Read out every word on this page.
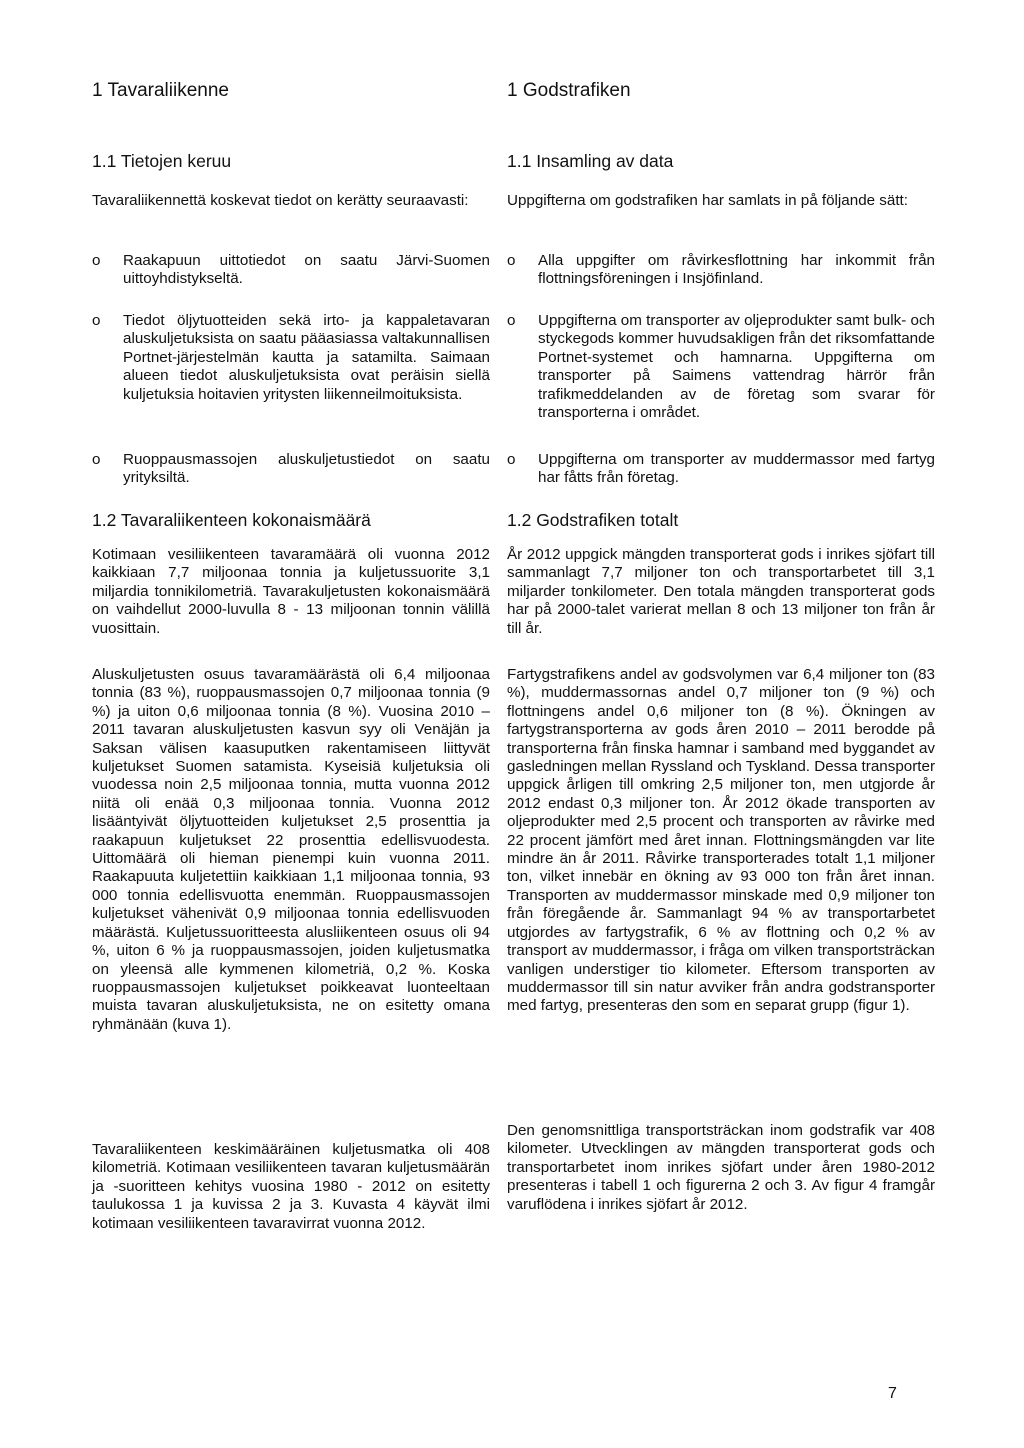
1 Tavaraliikenne
1.1 Tietojen keruu

Tavaraliikennettä koskevat tiedot on kerätty seuraavasti:

o Raakapuun uittotiedot on saatu Järvi-Suomen uittoyhdistykseltä.

o Tiedot öljytuotteiden sekä irto- ja kappaletavaran aluskuljetuksista on saatu pääasiassa valtakunnallisen Portnet-järjestelmän kautta ja satamilta. Saimaan alueen tiedot aluskuljetuksista ovat peräisin siellä kuljetuksia hoitavien yritysten liikenneilmoituksista.

o Ruoppausmassojen aluskuljetustiedot on saatu yrityksiltä.

1.2 Tavaraliikenteen kokonaismäärä

Kotimaan vesiliikenteen tavaramäärä oli vuonna 2012 kaikkiaan 7,7 miljoonaa tonnia ja kuljetussuorite 3,1 miljardia tonnikilometriä. Tavarakuljetusten kokonaismäärä on vaihdellut 2000-luvulla 8 - 13 miljoonan tonnin välillä vuosittain.

Aluskuljetusten osuus tavaramäärästä oli 6,4 miljoonaa tonnia (83 %), ruoppausmassojen 0,7 miljoonaa tonnia (9 %) ja uiton 0,6 miljoonaa tonnia (8 %). Vuosina 2010 – 2011 tavaran aluskuljetusten kasvun syy oli Venäjän ja Saksan välisen kaasuputken rakentamiseen liittyvät kuljetukset Suomen satamista. Kyseisiä kuljetuksia oli vuodessa noin 2,5 miljoonaa tonnia, mutta vuonna 2012 niitä oli enää 0,3 miljoonaa tonnia. Vuonna 2012 lisääntyivät öljytuotteiden kuljetukset 2,5 prosenttia ja raakapuun kuljetukset 22 prosenttia edellisvuodesta. Uittomäärä oli hieman pienempi kuin vuonna 2011. Raakapuuta kuljetettiin kaikkiaan 1,1 miljoonaa tonnia, 93 000 tonnia edellisvuotta enemmän. Ruoppausmassojen kuljetukset vähenivät 0,9 miljoonaa tonnia edellisvuoden määrästä. Kuljetussuoritteesta alusliikenteen osuus oli 94 %, uiton 6 % ja ruoppausmassojen, joiden kuljetusmatka on yleensä alle kymmenen kilometriä, 0,2 %. Koska ruoppausmassojen kuljetukset poikkeavat luonteeltaan muista tavaran aluskuljetuksista, ne on esitetty omana ryhmänään (kuva 1).

Tavaraliikenteen keskimääräinen kuljetusmatka oli 408 kilometriä. Kotimaan vesiliikenteen tavaran kuljetusmäärän ja -suoritteen kehitys vuosina 1980 - 2012 on esitetty taulukossa 1 ja kuvissa 2 ja 3. Kuvasta 4 käyvät ilmi kotimaan vesiliikenteen tavaravirrat vuonna 2012.

1 Godstrafiken
1.1 Insamling av data

Uppgifterna om godstrafiken har samlats in på följande sätt:

o Alla uppgifter om råvirkesflottning har inkommit från flottningsföreningen i Insjöfinland.

o Uppgifterna om transporter av oljeprodukter samt bulk- och styckegods kommer huvudsakligen från det riksomfattande Portnet-systemet och hamnarna. Uppgifterna om transporter på Saimens vattendrag härrör från trafikmeddelanden av de företag som svarar för transporterna i området.

o Uppgifterna om transporter av muddermassor med fartyg har fåtts från företag.

1.2 Godstrafiken totalt

År 2012 uppgick mängden transporterat gods i inrikes sjöfart till sammanlagt 7,7 miljoner ton och transportarbetet till 3,1 miljarder tonkilometer. Den totala mängden transporterat gods har på 2000-talet varierat mellan 8 och 13 miljoner ton från år till år.

Fartygstrafikens andel av godsvolymen var 6,4 miljoner ton (83 %), muddermassornas andel 0,7 miljoner ton (9 %) och flottningens andel 0,6 miljoner ton (8 %). Ökningen av fartygstransporterna av gods åren 2010 – 2011 berodde på transporterna från finska hamnar i samband med byggandet av gasledningen mellan Ryssland och Tyskland. Dessa transporter uppgick årligen till omkring 2,5 miljoner ton, men utgjorde år 2012 endast 0,3 miljoner ton. År 2012 ökade transporten av oljeprodukter med 2,5 procent och transporten av råvirke med 22 procent jämfört med året innan. Flottningsmängden var lite mindre än år 2011. Råvirke transporterades totalt 1,1 miljoner ton, vilket innebär en ökning av 93 000 ton från året innan. Transporten av muddermassor minskade med 0,9 miljoner ton från föregående år. Sammanlagt 94 % av transportarbetet utgjordes av fartygstrafik, 6 % av flottning och 0,2 % av transport av muddermassor, i fråga om vilken transportsträckan vanligen understiger tio kilometer. Eftersom transporten av muddermassor till sin natur avviker från andra godstransporter med fartyg, presenteras den som en separat grupp (figur 1).

Den genomsnittliga transportsträckan inom godstrafik var 408 kilometer. Utvecklingen av mängden transporterat gods och transportarbetet inom inrikes sjöfart under åren 1980-2012 presenteras i tabell 1 och figurerna 2 och 3. Av figur 4 framgår varuflödena i inrikes sjöfart år 2012.

7
